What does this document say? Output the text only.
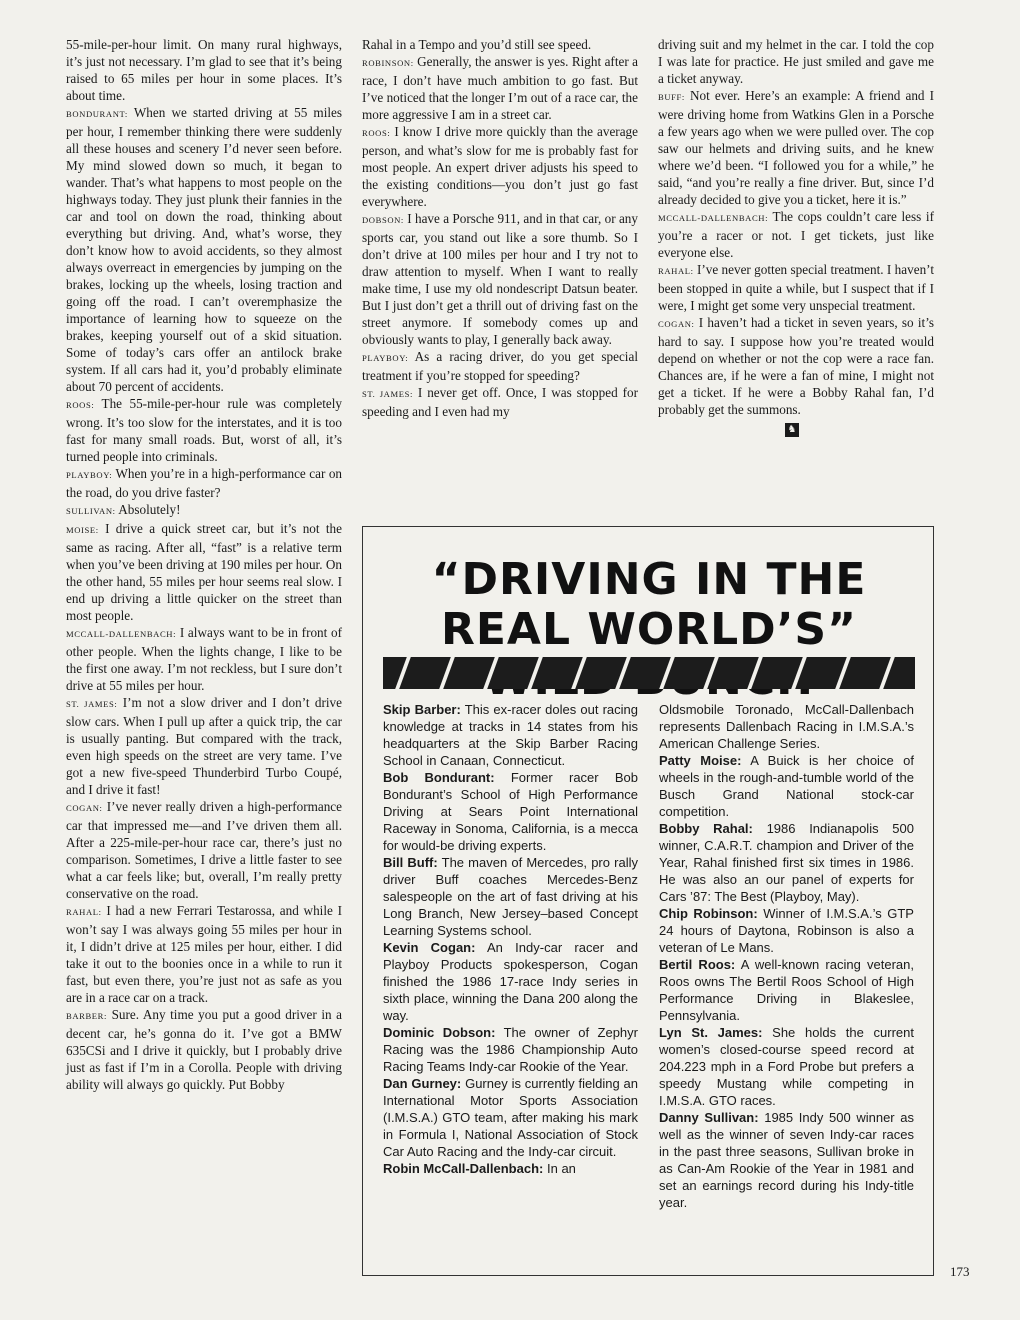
55-mile-per-hour limit. On many rural highways, it’s just not necessary. I’m glad to see that it’s being raised to 65 miles per hour in some places. It’s about time.

BONDURANT: When we started driving at 55 miles per hour, I remember thinking there were suddenly all these houses and scenery I’d never seen before. My mind slowed down so much, it began to wander. That’s what happens to most people on the highways today. They just plunk their fannies in the car and tool on down the road, thinking about everything but driving. And, what’s worse, they don’t know how to avoid accidents, so they almost always overreact in emergencies by jumping on the brakes, locking up the wheels, losing traction and going off the road. I can’t overemphasize the importance of learning how to squeeze on the brakes, keeping yourself out of a skid situation. Some of today’s cars offer an antilock brake system. If all cars had it, you’d probably eliminate about 70 percent of accidents.

ROOS: The 55-mile-per-hour rule was completely wrong. It’s too slow for the interstates, and it is too fast for many small roads. But, worst of all, it’s turned people into criminals.

PLAYBOY: When you’re in a high-performance car on the road, do you drive faster?

SULLIVAN: Absolutely!

MOISE: I drive a quick street car, but it’s not the same as racing. After all, “fast” is a relative term when you’ve been driving at 190 miles per hour. On the other hand, 55 miles per hour seems real slow. I end up driving a little quicker on the street than most people.

MCCALL-DALLENBACH: I always want to be in front of other people. When the lights change, I like to be the first one away. I’m not reckless, but I sure don’t drive at 55 miles per hour.

ST. JAMES: I’m not a slow driver and I don’t drive slow cars. When I pull up after a quick trip, the car is usually panting. But compared with the track, even high speeds on the street are very tame. I’ve got a new five-speed Thunderbird Turbo Coupé, and I drive it fast!

COGAN: I’ve never really driven a high-performance car that impressed me—and I’ve driven them all. After a 225-mile-per-hour race car, there’s just no comparison. Sometimes, I drive a little faster to see what a car feels like; but, overall, I’m really pretty conservative on the road.

RAHAL: I had a new Ferrari Testarossa, and while I won’t say I was always going 55 miles per hour in it, I didn’t drive at 125 miles per hour, either. I did take it out to the boonies once in a while to run it fast, but even there, you’re just not as safe as you are in a race car on a track.

BARBER: Sure. Any time you put a good driver in a decent car, he’s gonna do it. I’ve got a BMW 635CSi and I drive it quickly, but I probably drive just as fast if I’m in a Corolla. People with driving ability will always go quickly. Put Bobby

Rahal in a Tempo and you’d still see speed.

ROBINSON: Generally, the answer is yes. Right after a race, I don’t have much ambition to go fast. But I’ve noticed that the longer I’m out of a race car, the more aggressive I am in a street car.

ROOS: I know I drive more quickly than the average person, and what’s slow for me is probably fast for most people. An expert driver adjusts his speed to the existing conditions—you don’t just go fast everywhere.

DOBSON: I have a Porsche 911, and in that car, or any sports car, you stand out like a sore thumb. So I don’t drive at 100 miles per hour and I try not to draw attention to myself. When I want to really make time, I use my old nondescript Datsun beater. But I just don’t get a thrill out of driving fast on the street anymore. If somebody comes up and obviously wants to play, I generally back away.

PLAYBOY: As a racing driver, do you get special treatment if you’re stopped for speeding?

ST. JAMES: I never get off. Once, I was stopped for speeding and I even had my

driving suit and my helmet in the car. I told the cop I was late for practice. He just smiled and gave me a ticket anyway.

BUFF: Not ever. Here’s an example: A friend and I were driving home from Watkins Glen in a Porsche a few years ago when we were pulled over. The cop saw our helmets and driving suits, and he knew where we’d been. “I followed you for a while,” he said, “and you’re really a fine driver. But, since I’d already decided to give you a ticket, here it is.”

MCCALL-DALLENBACH: The cops couldn’t care less if you’re a racer or not. I get tickets, just like everyone else.

RAHAL: I’ve never gotten special treatment. I haven’t been stopped in quite a while, but I suspect that if I were, I might get some very unspecial treatment.

COGAN: I haven’t had a ticket in seven years, so it’s hard to say. I suppose how you’re treated would depend on whether or not the cop were a race fan. Chances are, if he were a fan of mine, I might not get a ticket. If he were a Bobby Rahal fan, I’d probably get the summons.

♞
“DRIVING IN THE REAL WORLD’S”

Skip Barber: This ex-racer doles out racing knowledge at tracks in 14 states from his headquarters at the Skip Barber Racing School in Canaan, Connecticut.

Bob Bondurant: Former racer Bob Bondurant’s School of High Performance Driving at Sears Point International Raceway in Sonoma, California, is a mecca for would-be driving experts.

Bill Buff: The maven of Mercedes, pro rally driver Buff coaches Mercedes-Benz salespeople on the art of fast driving at his Long Branch, New Jersey–based Concept Learning Systems school.

Kevin Cogan: An Indy-car racer and Playboy Products spokesperson, Cogan finished the 1986 17-race Indy series in sixth place, winning the Dana 200 along the way.

Dominic Dobson: The owner of Zephyr Racing was the 1986 Championship Auto Racing Teams Indy-car Rookie of the Year.

Dan Gurney: Gurney is currently fielding an International Motor Sports Association (I.M.S.A.) GTO team, after making his mark in Formula I, National Association of Stock Car Auto Racing and the Indy-car circuit.

Robin McCall-Dallenbach: In an

Oldsmobile Toronado, McCall-Dallenbach represents Dallenbach Racing in I.M.S.A.’s American Challenge Series.

Patty Moise: A Buick is her choice of wheels in the rough-and-tumble world of the Busch Grand National stock-car competition.

Bobby Rahal: 1986 Indianapolis 500 winner, C.A.R.T. champion and Driver of the Year, Rahal finished first six times in 1986. He was also an our panel of experts for Cars ’87: The Best (Playboy, May).

Chip Robinson: Winner of I.M.S.A.’s GTP 24 hours of Daytona, Robinson is also a veteran of Le Mans.

Bertil Roos: A well-known racing veteran, Roos owns The Bertil Roos School of High Performance Driving in Blakeslee, Pennsylvania.

Lyn St. James: She holds the current women’s closed-course speed record at 204.223 mph in a Ford Probe but prefers a speedy Mustang while competing in I.M.S.A. GTO races.

Danny Sullivan: 1985 Indy 500 winner as well as the winner of seven Indy-car races in the past three seasons, Sullivan broke in as Can-Am Rookie of the Year in 1981 and set an earnings record during his Indy-title year.

173
